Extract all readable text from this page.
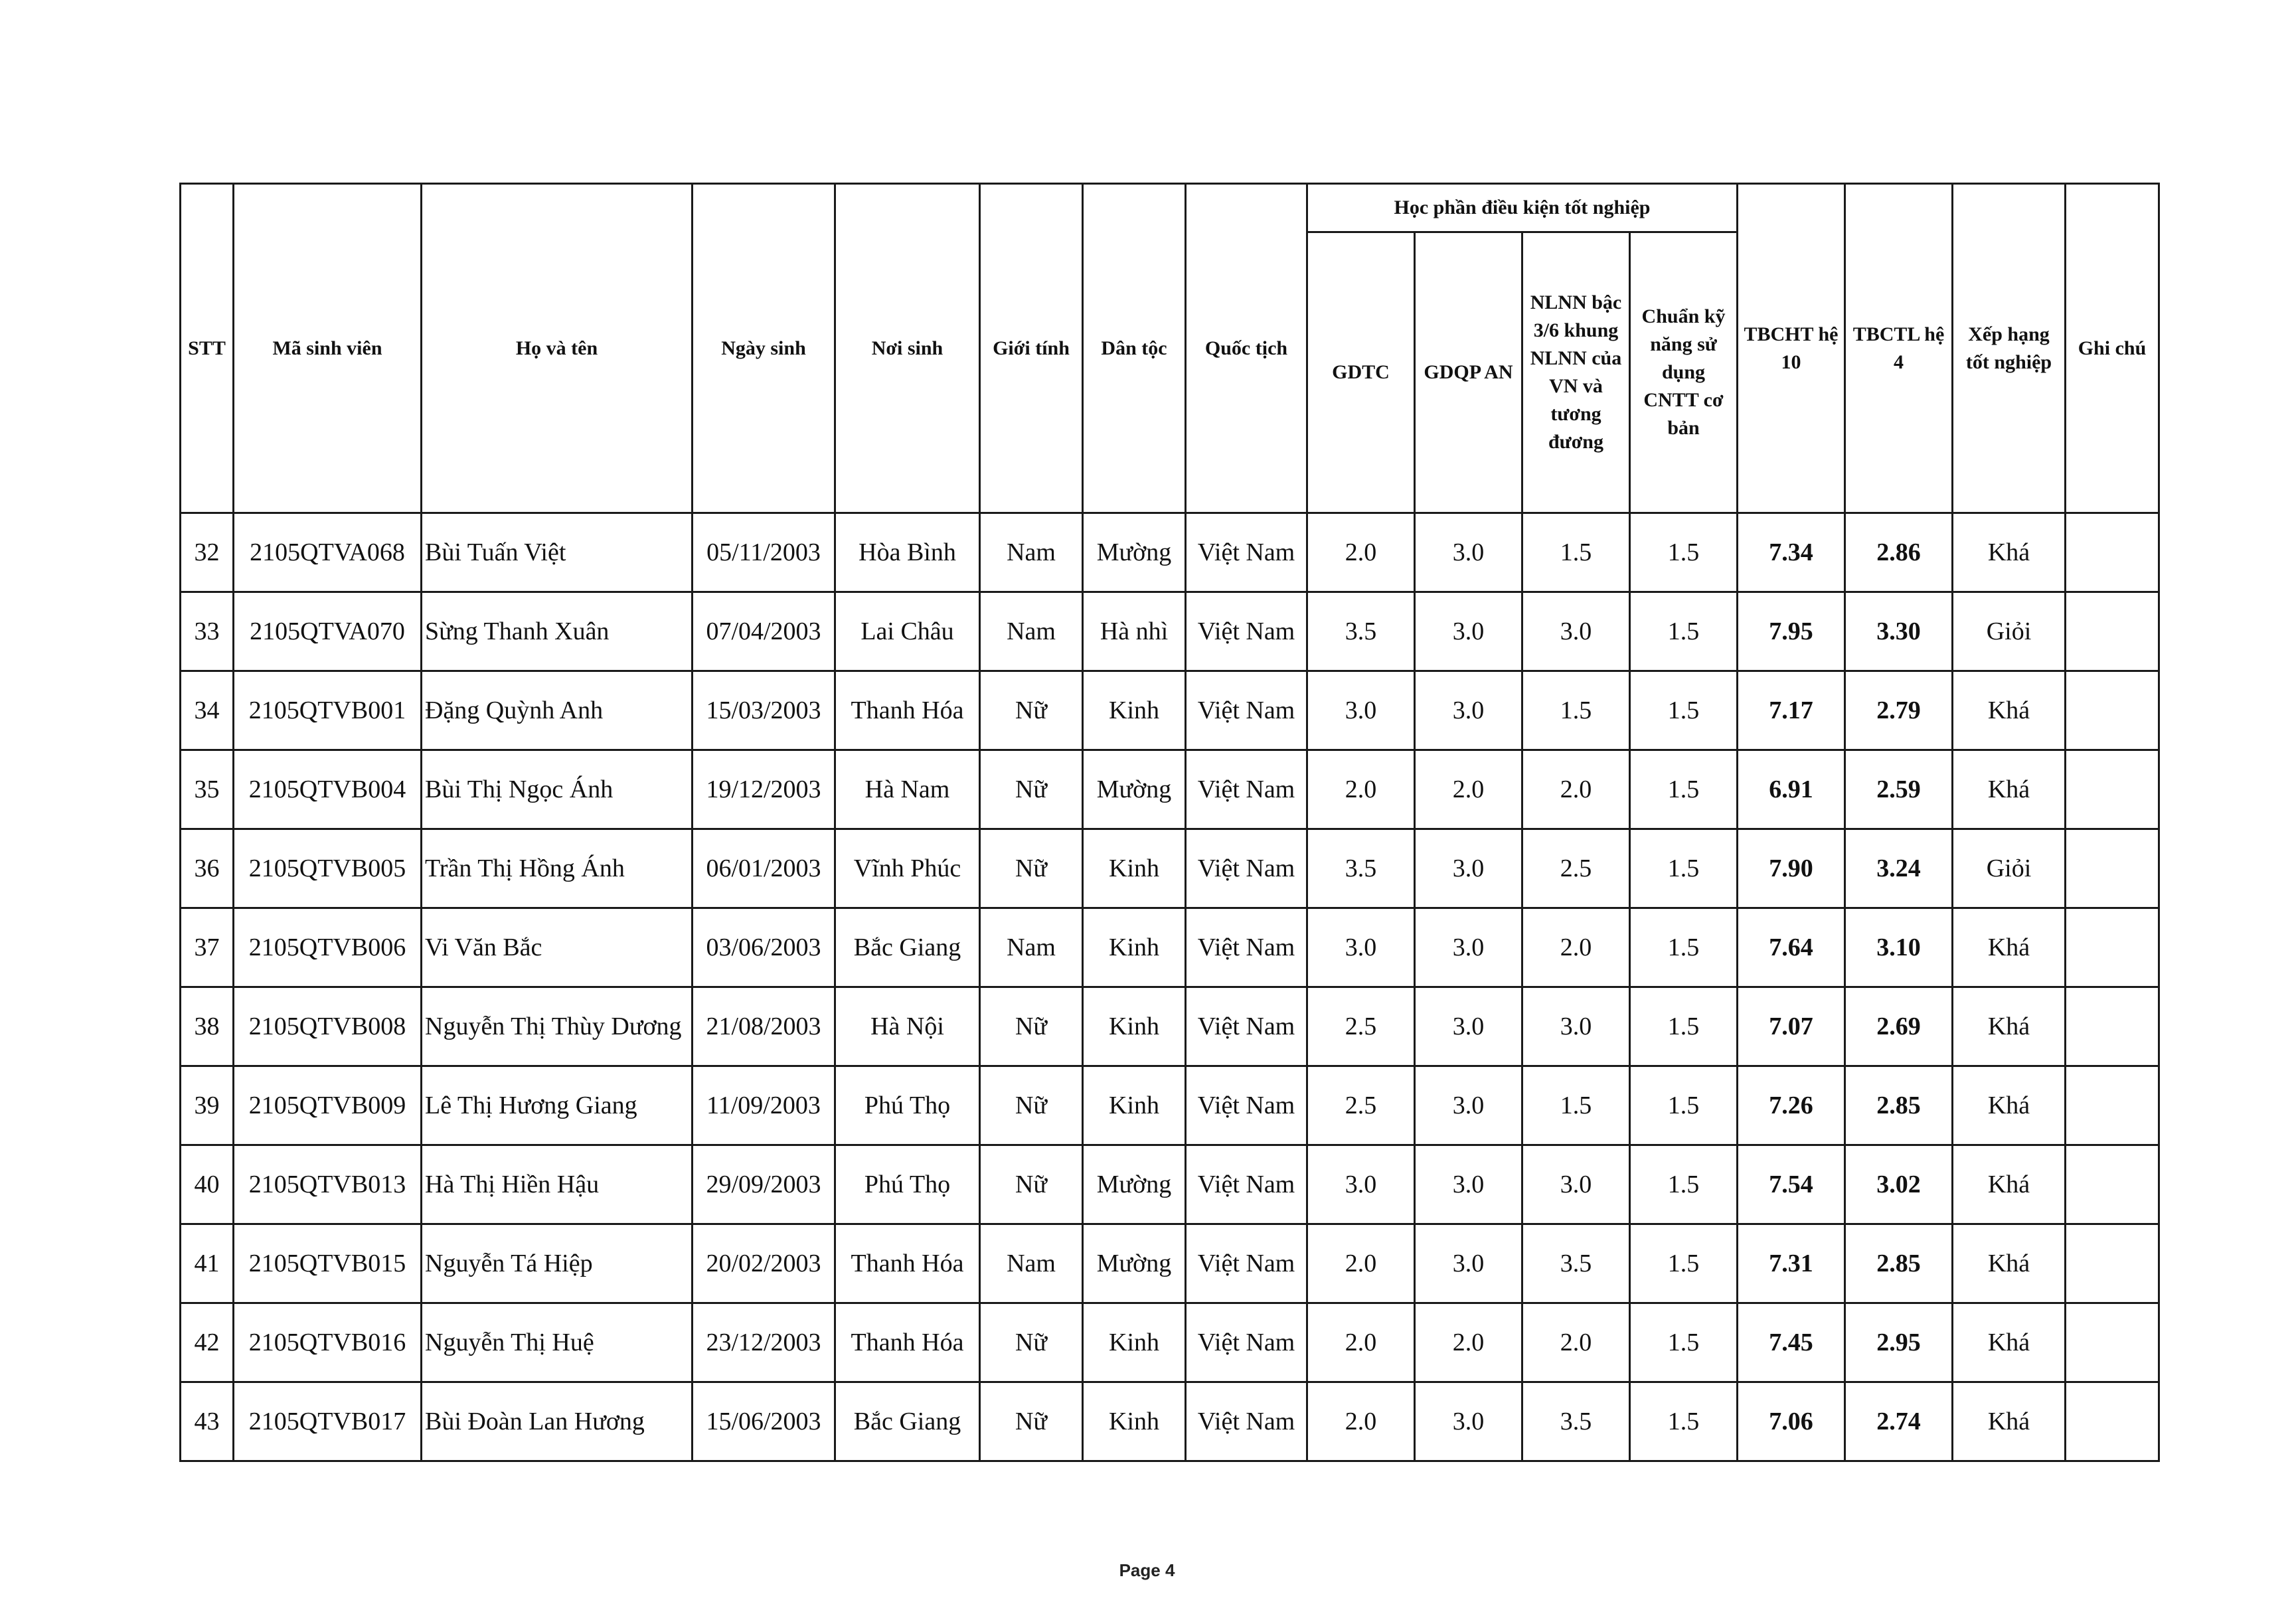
STT	Mã sinh viên	Họ và tên	Ngày sinh	Nơi sinh	Giới tính	Dân tộc	Quốc tịch	Học phần điều kiện tốt nghiệp				TBCHT hệ 10	TBCTL hệ 4	Xếp hạng tốt nghiệp	Ghi chú
								GDTC	GDQP AN	NLNN bậc 3/6 khung NLNN của VN và tương đương	Chuẩn kỹ năng sử dụng CNTT cơ bản				
32	2105QTVA068	Bùi Tuấn Việt	05/11/2003	Hòa Bình	Nam	Mường	Việt Nam	2.0	3.0	1.5	1.5	7.34	2.86	Khá	
33	2105QTVA070	Sừng Thanh Xuân	07/04/2003	Lai Châu	Nam	Hà nhì	Việt Nam	3.5	3.0	3.0	1.5	7.95	3.30	Giỏi	
34	2105QTVB001	Đặng Quỳnh Anh	15/03/2003	Thanh Hóa	Nữ	Kinh	Việt Nam	3.0	3.0	1.5	1.5	7.17	2.79	Khá	
35	2105QTVB004	Bùi Thị Ngọc Ánh	19/12/2003	Hà Nam	Nữ	Mường	Việt Nam	2.0	2.0	2.0	1.5	6.91	2.59	Khá	
36	2105QTVB005	Trần Thị Hồng Ánh	06/01/2003	Vĩnh Phúc	Nữ	Kinh	Việt Nam	3.5	3.0	2.5	1.5	7.90	3.24	Giỏi	
37	2105QTVB006	Vi Văn Bắc	03/06/2003	Bắc Giang	Nam	Kinh	Việt Nam	3.0	3.0	2.0	1.5	7.64	3.10	Khá	
38	2105QTVB008	Nguyễn Thị Thùy Dương	21/08/2003	Hà Nội	Nữ	Kinh	Việt Nam	2.5	3.0	3.0	1.5	7.07	2.69	Khá	
39	2105QTVB009	Lê Thị Hương Giang	11/09/2003	Phú Thọ	Nữ	Kinh	Việt Nam	2.5	3.0	1.5	1.5	7.26	2.85	Khá	
40	2105QTVB013	Hà Thị Hiền Hậu	29/09/2003	Phú Thọ	Nữ	Mường	Việt Nam	3.0	3.0	3.0	1.5	7.54	3.02	Khá	
41	2105QTVB015	Nguyễn Tá Hiệp	20/02/2003	Thanh Hóa	Nam	Mường	Việt Nam	2.0	3.0	3.5	1.5	7.31	2.85	Khá	
42	2105QTVB016	Nguyễn Thị Huệ	23/12/2003	Thanh Hóa	Nữ	Kinh	Việt Nam	2.0	2.0	2.0	1.5	7.45	2.95	Khá	
43	2105QTVB017	Bùi Đoàn Lan Hương	15/06/2003	Bắc Giang	Nữ	Kinh	Việt Nam	2.0	3.0	3.5	1.5	7.06	2.74	Khá	
Page 4
